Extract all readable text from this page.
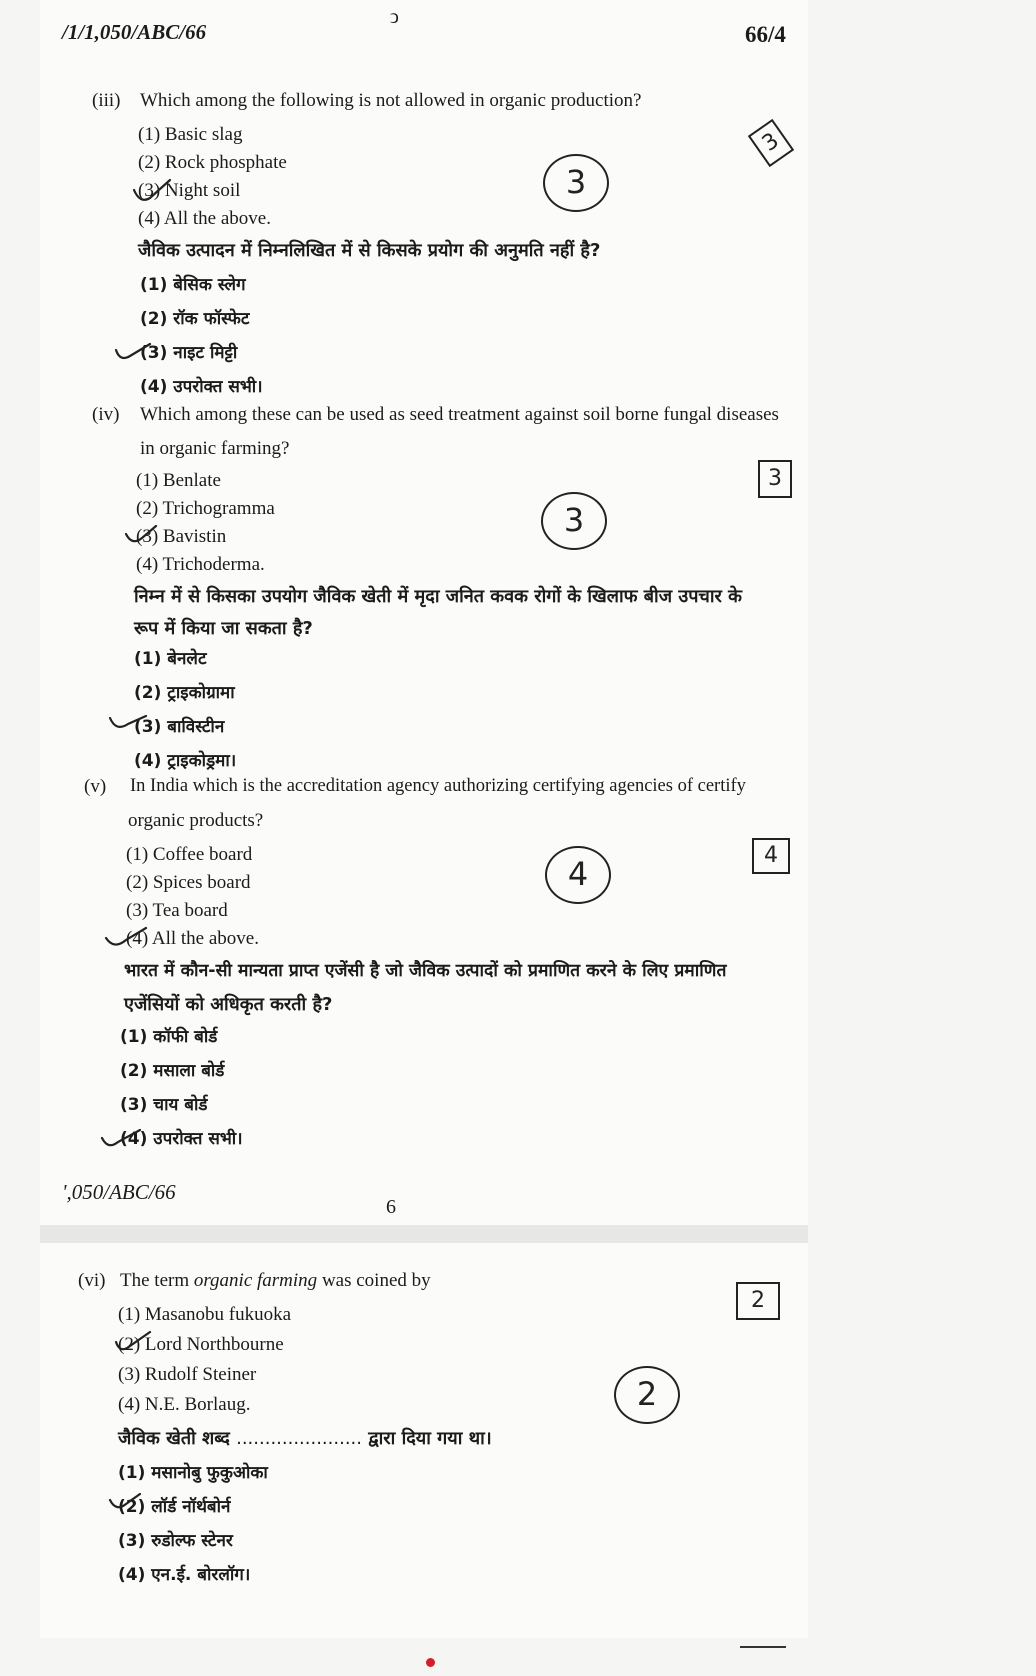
/1/1,050/ABC/66
ↄ
66/4
(iii) Which among the following is not allowed in organic production?
(1) Basic slag
(2) Rock phosphate
(3) Night soil
(4) All the above.
जैविक उत्पादन में निम्नलिखित में से किसके प्रयोग की अनुमति नहीं है?
(1) बेसिक स्लेग
(2) रॉक फॉस्फेट
(3) नाइट मिट्टी
(4) उपरोक्त सभी।
3
3
(iv) Which among these can be used as seed treatment against soil borne fungal diseases
in organic farming?
(1) Benlate
(2) Trichogramma
(3) Bavistin
(4) Trichoderma.
निम्न में से किसका उपयोग जैविक खेती में मृदा जनित कवक रोगों के खिलाफ बीज उपचार के
रूप में किया जा सकता है?
(1) बेनलेट
(2) ट्राइकोग्रामा
(3) बाविस्टीन
(4) ट्राइकोड्रमा।
3
3
(v) In India which is the accreditation agency authorizing certifying agencies of certify
organic products?
(1) Coffee board
(2) Spices board
(3) Tea board
(4) All the above.
भारत में कौन-सी मान्यता प्राप्त एजेंसी है जो जैविक उत्पादों को प्रमाणित करने के लिए प्रमाणित
एजेंसियों को अधिकृत करती है?
(1) कॉफी बोर्ड
(2) मसाला बोर्ड
(3) चाय बोर्ड
(4) उपरोक्त सभी।
4	4
',050/ABC/66
6
(vi) The term organic farming was coined by
(1) Masanobu fukuoka
(2) Lord Northbourne
(3) Rudolf Steiner
(4) N.E. Borlaug.
जैविक खेती शब्द ...................... द्वारा दिया गया था।
(1) मसानोबु फुकुओका
(2) लॉर्ड नॉर्थबोर्न
(3) रुडोल्फ स्टेनर
(4) एन.ई. बोरलॉग।
2
2
